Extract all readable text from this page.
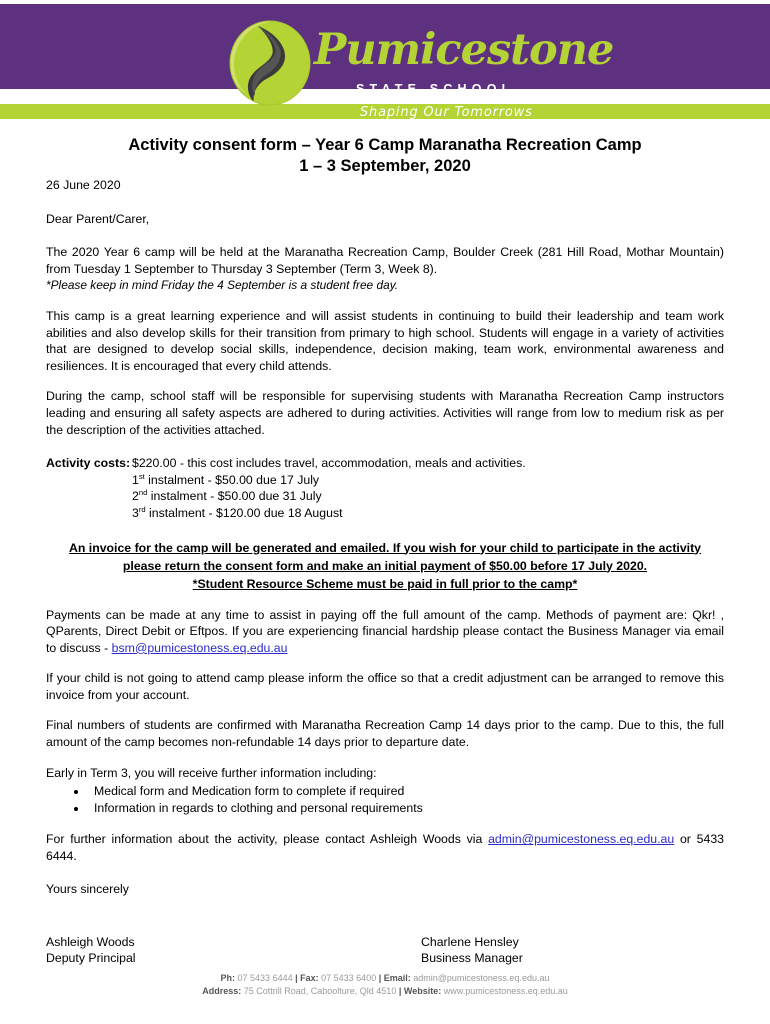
Pumicestone
STATE SCHOOL
Shaping Our Tomorrows
Activity consent form – Year 6 Camp Maranatha Recreation Camp
1 – 3 September, 2020

26 June 2020

Dear Parent/Carer,

The 2020 Year 6 camp will be held at the Maranatha Recreation Camp, Boulder Creek (281 Hill Road, Mothar Mountain) from Tuesday 1 September to Thursday 3 September (Term 3, Week 8).

*Please keep in mind Friday the 4 September is a student free day.

This camp is a great learning experience and will assist students in continuing to build their leadership and team work abilities and also develop skills for their transition from primary to high school. Students will engage in a variety of activities that are designed to develop social skills, independence, decision making, team work, environmental awareness and resiliences. It is encouraged that every child attends.

During the camp, school staff will be responsible for supervising students with Maranatha Recreation Camp instructors leading and ensuring all safety aspects are adhered to during activities. Activities will range from low to medium risk as per the description of the activities attached.

Activity costs: $220.00 - this cost includes travel, accommodation, meals and activities.
1st instalment - $50.00 due 17 July
2nd instalment - $50.00 due 31 July
3rd instalment - $120.00 due 18 August
An invoice for the camp will be generated and emailed. If you wish for your child to participate in the activity
please return the consent form and make an initial payment of $50.00 before 17 July 2020.
*Student Resource Scheme must be paid in full prior to the camp*

Payments can be made at any time to assist in paying off the full amount of the camp. Methods of payment are: Qkr! , QParents, Direct Debit or Eftpos. If you are experiencing financial hardship please contact the Business Manager via email to discuss - bsm@pumicestoness.eq.edu.au

If your child is not going to attend camp please inform the office so that a credit adjustment can be arranged to remove this invoice from your account.

Final numbers of students are confirmed with Maranatha Recreation Camp 14 days prior to the camp. Due to this, the full amount of the camp becomes non-refundable 14 days prior to departure date.

Early in Term 3, you will receive further information including:

• Medical form and Medication form to complete if required
• Information in regards to clothing and personal requirements

For further information about the activity, please contact Ashleigh Woods via admin@pumicestoness.eq.edu.au or 5433 6444.

Yours sincerely

Ashleigh Woods
Deputy Principal
Charlene Hensley
Business Manager
Ph: 07 5433 6444 | Fax: 07 5433 6400 | Email: admin@pumicestoness.eq.edu.au
Address: 75 Cottrill Road, Caboolture, Qld 4510 | Website: www.pumicestoness.eq.edu.au
